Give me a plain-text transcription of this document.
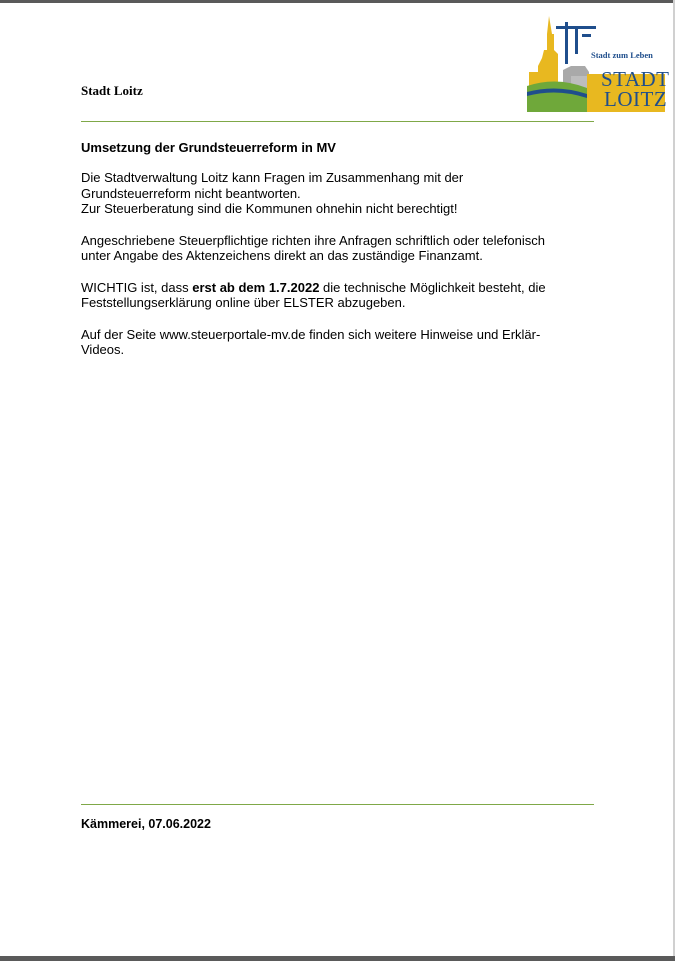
Stadt Loitz
Stadt zum Leben
STADT
LOITZ
Umsetzung der Grundsteuerreform in MV

Die Stadtverwaltung Loitz kann Fragen im Zusammenhang mit der
Grundsteuerreform nicht beantworten.
Zur Steuerberatung sind die Kommunen ohnehin nicht berechtigt!

Angeschriebene Steuerpflichtige richten ihre Anfragen schriftlich oder telefonisch
unter Angabe des Aktenzeichens direkt an das zuständige Finanzamt.

WICHTIG ist, dass erst ab dem 1.7.2022 die technische Möglichkeit besteht, die
Feststellungserklärung online über ELSTER abzugeben.

Auf der Seite www.steuerportale-mv.de finden sich weitere Hinweise und Erklär-
Videos.

Kämmerei, 07.06.2022
